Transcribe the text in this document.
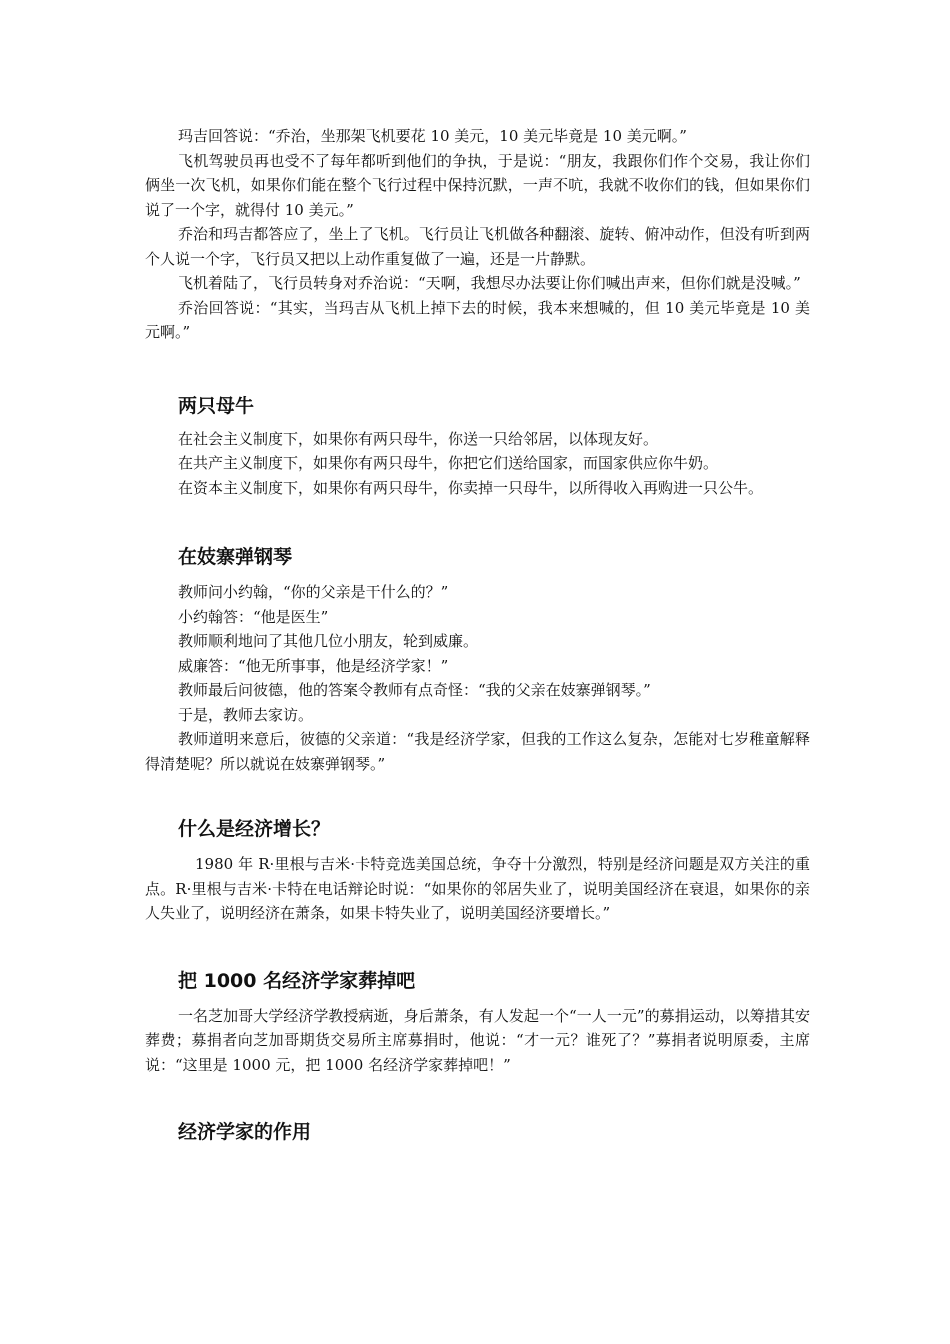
玛吉回答说：“乔治，坐那架飞机要花 10 美元，10 美元毕竟是 10 美元啊。”

飞机驾驶员再也受不了每年都听到他们的争执，于是说：“朋友，我跟你们作个交易，我让你们俩坐一次飞机，如果你们能在整个飞行过程中保持沉默，一声不吭，我就不收你们的钱，但如果你们说了一个字，就得付 10 美元。”

乔治和玛吉都答应了，坐上了飞机。飞行员让飞机做各种翻滚、旋转、俯冲动作，但没有听到两个人说一个字，飞行员又把以上动作重复做了一遍，还是一片静默。

飞机着陆了，飞行员转身对乔治说：“天啊，我想尽办法要让你们喊出声来，但你们就是没喊。”

乔治回答说：“其实，当玛吉从飞机上掉下去的时候，我本来想喊的，但 10 美元毕竟是 10 美元啊。”

两只母牛

在社会主义制度下，如果你有两只母牛，你送一只给邻居，以体现友好。

在共产主义制度下，如果你有两只母牛，你把它们送给国家，而国家供应你牛奶。

在资本主义制度下，如果你有两只母牛，你卖掉一只母牛，以所得收入再购进一只公牛。

在妓寨弹钢琴

教师问小约翰，“你的父亲是干什么的？”

小约翰答：“他是医生”

教师顺利地问了其他几位小朋友，轮到威廉。

威廉答：“他无所事事，他是经济学家！”

教师最后问彼德，他的答案令教师有点奇怪：“我的父亲在妓寨弹钢琴。”

于是，教师去家访。

教师道明来意后，彼德的父亲道：“我是经济学家，但我的工作这么复杂，怎能对七岁稚童解释得清楚呢？所以就说在妓寨弹钢琴。”

什么是经济增长？

1980 年 R·里根与吉米·卡特竞选美国总统，争夺十分激烈，特别是经济问题是双方关注的重点。R·里根与吉米·卡特在电话辩论时说：“如果你的邻居失业了，说明美国经济在衰退，如果你的亲人失业了，说明经济在萧条，如果卡特失业了，说明美国经济要增长。”

把 1000 名经济学家葬掉吧

一名芝加哥大学经济学教授病逝，身后萧条，有人发起一个“一人一元”的募捐运动，以筹措其安葬费；募捐者向芝加哥期货交易所主席募捐时，他说：“才一元？谁死了？”募捐者说明原委，主席说：“这里是 1000 元，把 1000 名经济学家葬掉吧！”

经济学家的作用
